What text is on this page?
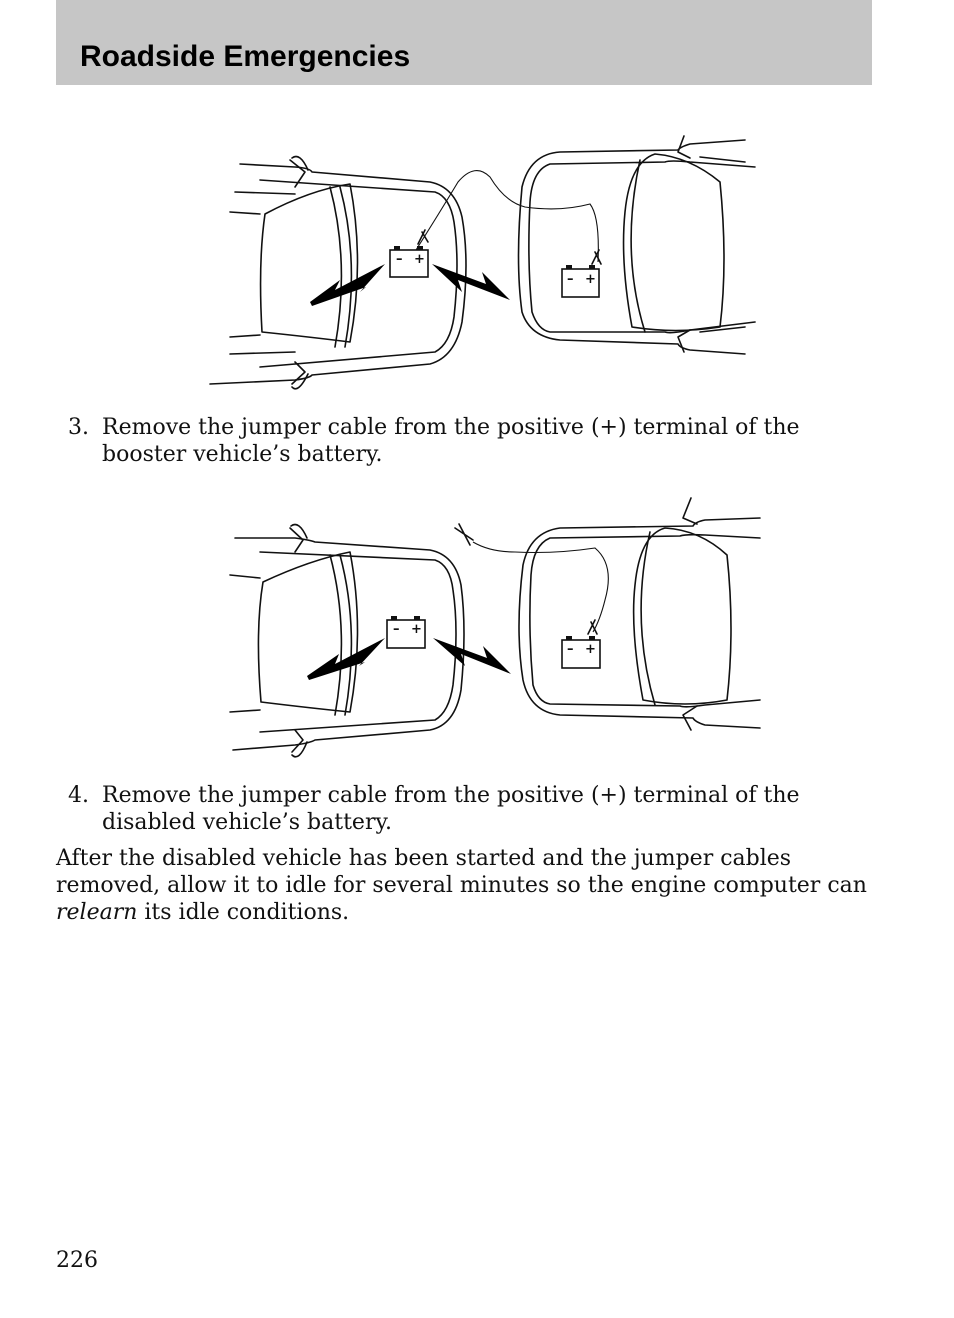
Roadside Emergencies
– +
– +
3. Remove the jumper cable from the positive (+) terminal of the booster vehicle’s battery.
– +
– +
4. Remove the jumper cable from the positive (+) terminal of the disabled vehicle’s battery.
After the disabled vehicle has been started and the jumper cables removed, allow it to idle for several minutes so the engine computer can relearn its idle conditions.
226
